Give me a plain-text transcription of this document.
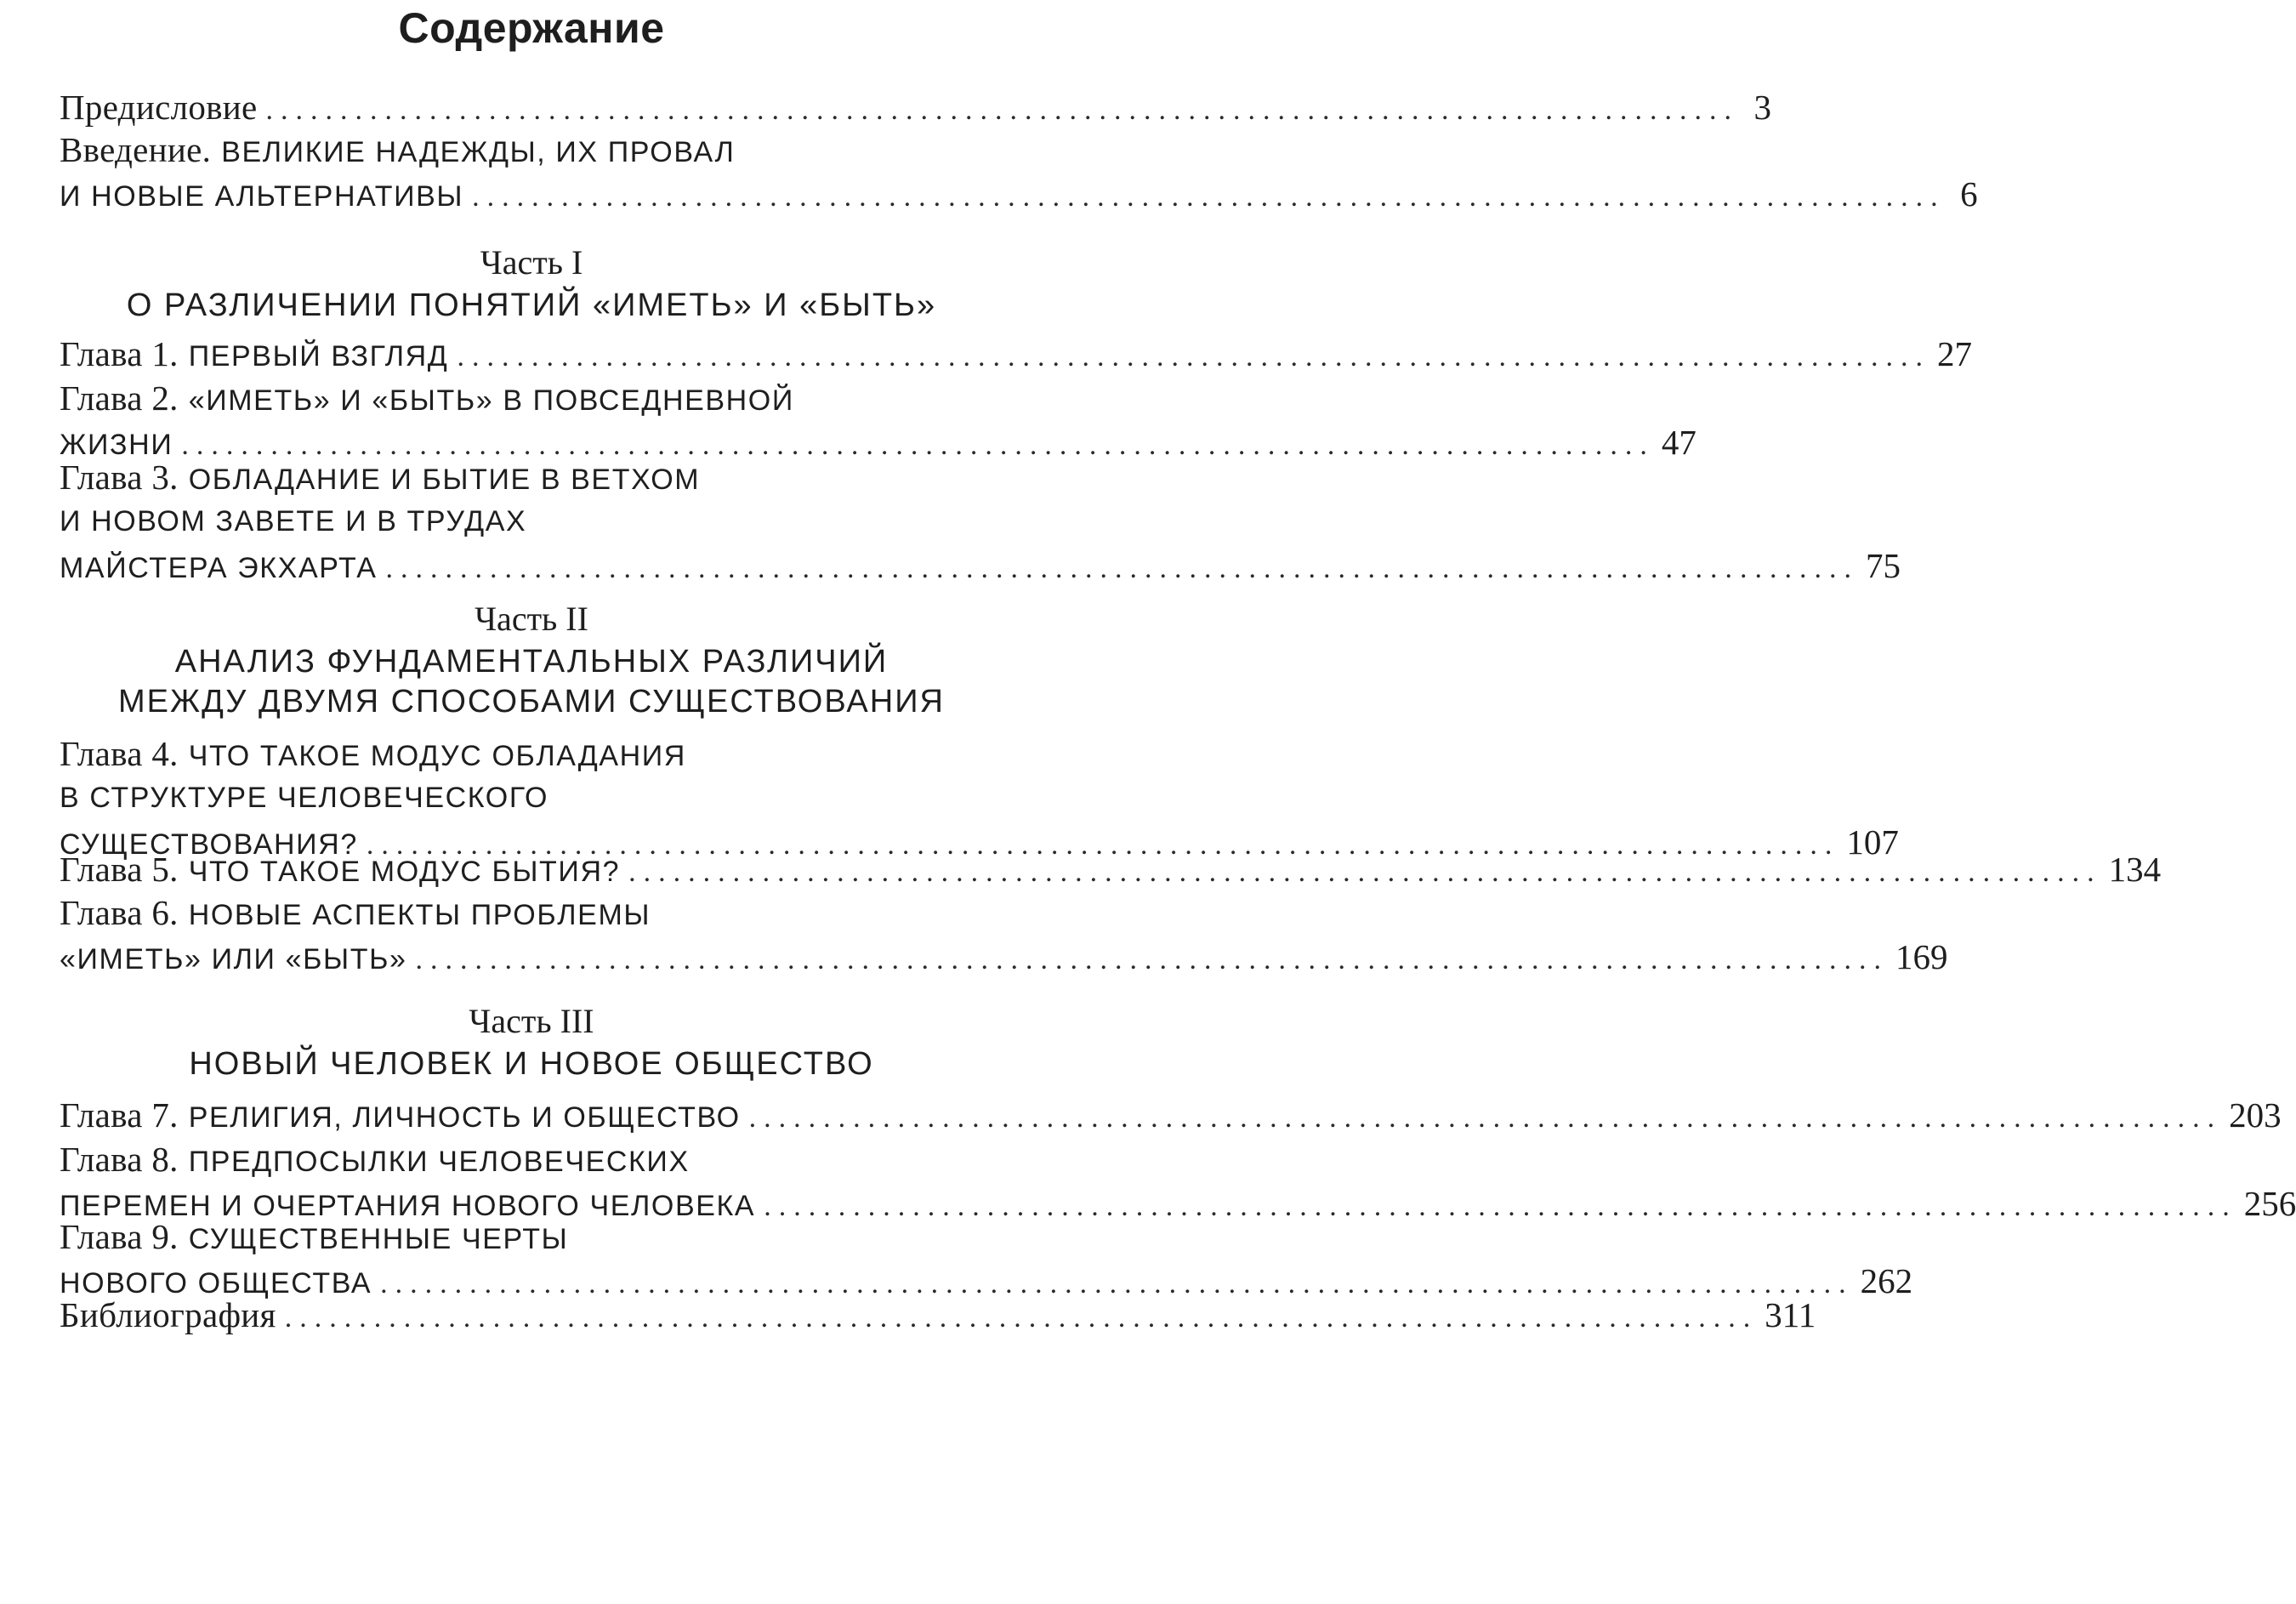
Содержание
Предисловие ................................................................................................... 3
Введение. ВЕЛИКИЕ НАДЕЖДЫ, ИХ ПРОВАЛ
И НОВЫЕ АЛЬТЕРНАТИВЫ ................................................................................................... 6
Часть I
О РАЗЛИЧЕНИИ ПОНЯТИЙ «ИМЕТЬ» И «БЫТЬ»
Глава 1. ПЕРВЫЙ ВЗГЛЯД ................................................................................................... 27
Глава 2. «ИМЕТЬ» И «БЫТЬ» В ПОВСЕДНЕВНОЙ
ЖИЗНИ ................................................................................................... 47
Глава 3. ОБЛАДАНИЕ И БЫТИЕ В ВЕТХОМ
И НОВОМ ЗАВЕТЕ И В ТРУДАХ
МАЙСТЕРА ЭКХАРТА ................................................................................................... 75
Часть II
АНАЛИЗ ФУНДАМЕНТАЛЬНЫХ РАЗЛИЧИЙ
МЕЖДУ ДВУМЯ СПОСОБАМИ СУЩЕСТВОВАНИЯ
Глава 4. ЧТО ТАКОЕ МОДУС ОБЛАДАНИЯ
В СТРУКТУРЕ ЧЕЛОВЕЧЕСКОГО
СУЩЕСТВОВАНИЯ? ................................................................................................... 107
Глава 5. ЧТО ТАКОЕ МОДУС БЫТИЯ? ................................................................................................... 134
Глава 6. НОВЫЕ АСПЕКТЫ ПРОБЛЕМЫ
«ИМЕТЬ» ИЛИ «БЫТЬ» ................................................................................................... 169
Часть III
НОВЫЙ ЧЕЛОВЕК И НОВОЕ ОБЩЕСТВО
Глава 7. РЕЛИГИЯ, ЛИЧНОСТЬ И ОБЩЕСТВО ................................................................................................... 203
Глава 8. ПРЕДПОСЫЛКИ ЧЕЛОВЕЧЕСКИХ
ПЕРЕМЕН И ОЧЕРТАНИЯ НОВОГО ЧЕЛОВЕКА ................................................................................................... 256
Глава 9. СУЩЕСТВЕННЫЕ ЧЕРТЫ
НОВОГО ОБЩЕСТВА ................................................................................................... 262
Библиография ................................................................................................... 311
